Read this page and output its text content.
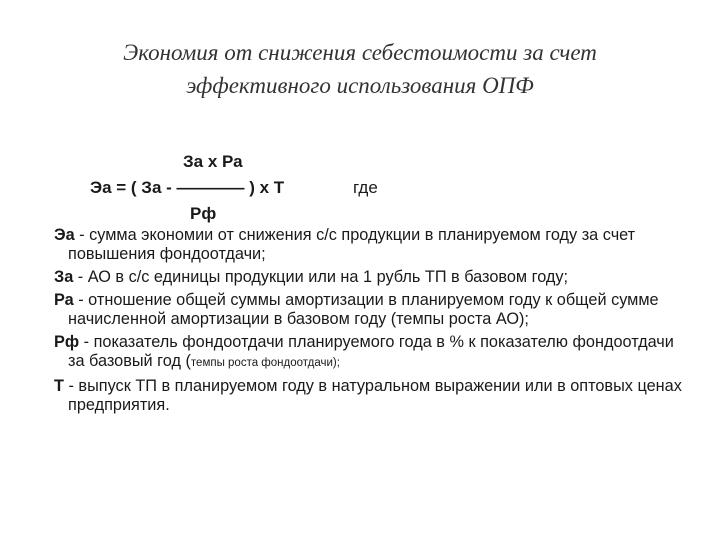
Экономия от снижения себестоимости за счет
эффективного использования ОПФ
За х Ра
Эа = ( За - ———— ) х Т	где
Рф

Эа - сумма экономии от снижения с/с продукции в планируемом году за счет повышения фондоотдачи;

За - АО в с/с единицы продукции или на 1 рубль ТП в базовом году;

Ра - отношение общей суммы амортизации в планируемом году к общей сумме начисленной амортизации в базовом году (темпы роста АО);

Рф - показатель фондоотдачи планируемого года в % к показателю фондоотдачи за базовый год (темпы роста фондоотдачи);

Т - выпуск ТП в планируемом году в натуральном выражении или в оптовых ценах предприятия.
